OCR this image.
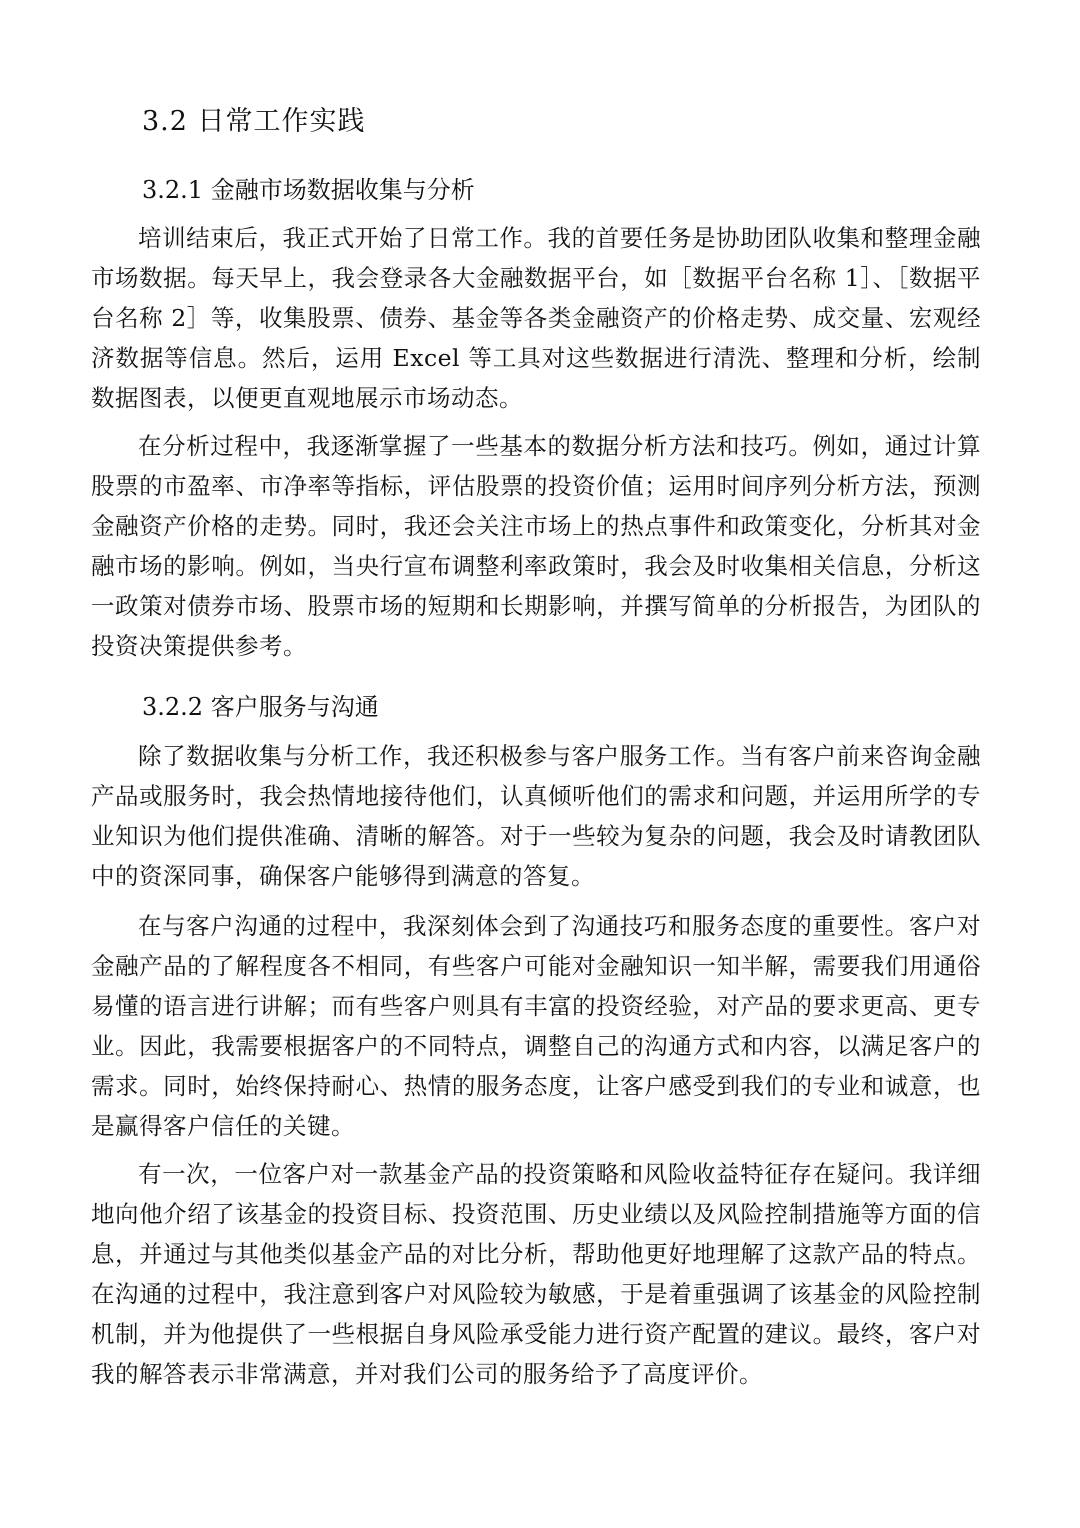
3.2 日常工作实践
3.2.1 金融市场数据收集与分析

培训结束后，我正式开始了日常工作。我的首要任务是协助团队收集和整理金融市场数据。每天早上，我会登录各大金融数据平台，如［数据平台名称 1］、［数据平台名称 2］等，收集股票、债券、基金等各类金融资产的价格走势、成交量、宏观经济数据等信息。然后，运用 Excel 等工具对这些数据进行清洗、整理和分析，绘制数据图表，以便更直观地展示市场动态。

在分析过程中，我逐渐掌握了一些基本的数据分析方法和技巧。例如，通过计算股票的市盈率、市净率等指标，评估股票的投资价值；运用时间序列分析方法，预测金融资产价格的走势。同时，我还会关注市场上的热点事件和政策变化，分析其对金融市场的影响。例如，当央行宣布调整利率政策时，我会及时收集相关信息，分析这一政策对债券市场、股票市场的短期和长期影响，并撰写简单的分析报告，为团队的投资决策提供参考。

3.2.2 客户服务与沟通

除了数据收集与分析工作，我还积极参与客户服务工作。当有客户前来咨询金融产品或服务时，我会热情地接待他们，认真倾听他们的需求和问题，并运用所学的专业知识为他们提供准确、清晰的解答。对于一些较为复杂的问题，我会及时请教团队中的资深同事，确保客户能够得到满意的答复。

在与客户沟通的过程中，我深刻体会到了沟通技巧和服务态度的重要性。客户对金融产品的了解程度各不相同，有些客户可能对金融知识一知半解，需要我们用通俗易懂的语言进行讲解；而有些客户则具有丰富的投资经验，对产品的要求更高、更专业。因此，我需要根据客户的不同特点，调整自己的沟通方式和内容，以满足客户的需求。同时，始终保持耐心、热情的服务态度，让客户感受到我们的专业和诚意，也是赢得客户信任的关键。

有一次，一位客户对一款基金产品的投资策略和风险收益特征存在疑问。我详细地向他介绍了该基金的投资目标、投资范围、历史业绩以及风险控制措施等方面的信息，并通过与其他类似基金产品的对比分析，帮助他更好地理解了这款产品的特点。在沟通的过程中，我注意到客户对风险较为敏感，于是着重强调了该基金的风险控制机制，并为他提供了一些根据自身风险承受能力进行资产配置的建议。最终，客户对我的解答表示非常满意，并对我们公司的服务给予了高度评价。
